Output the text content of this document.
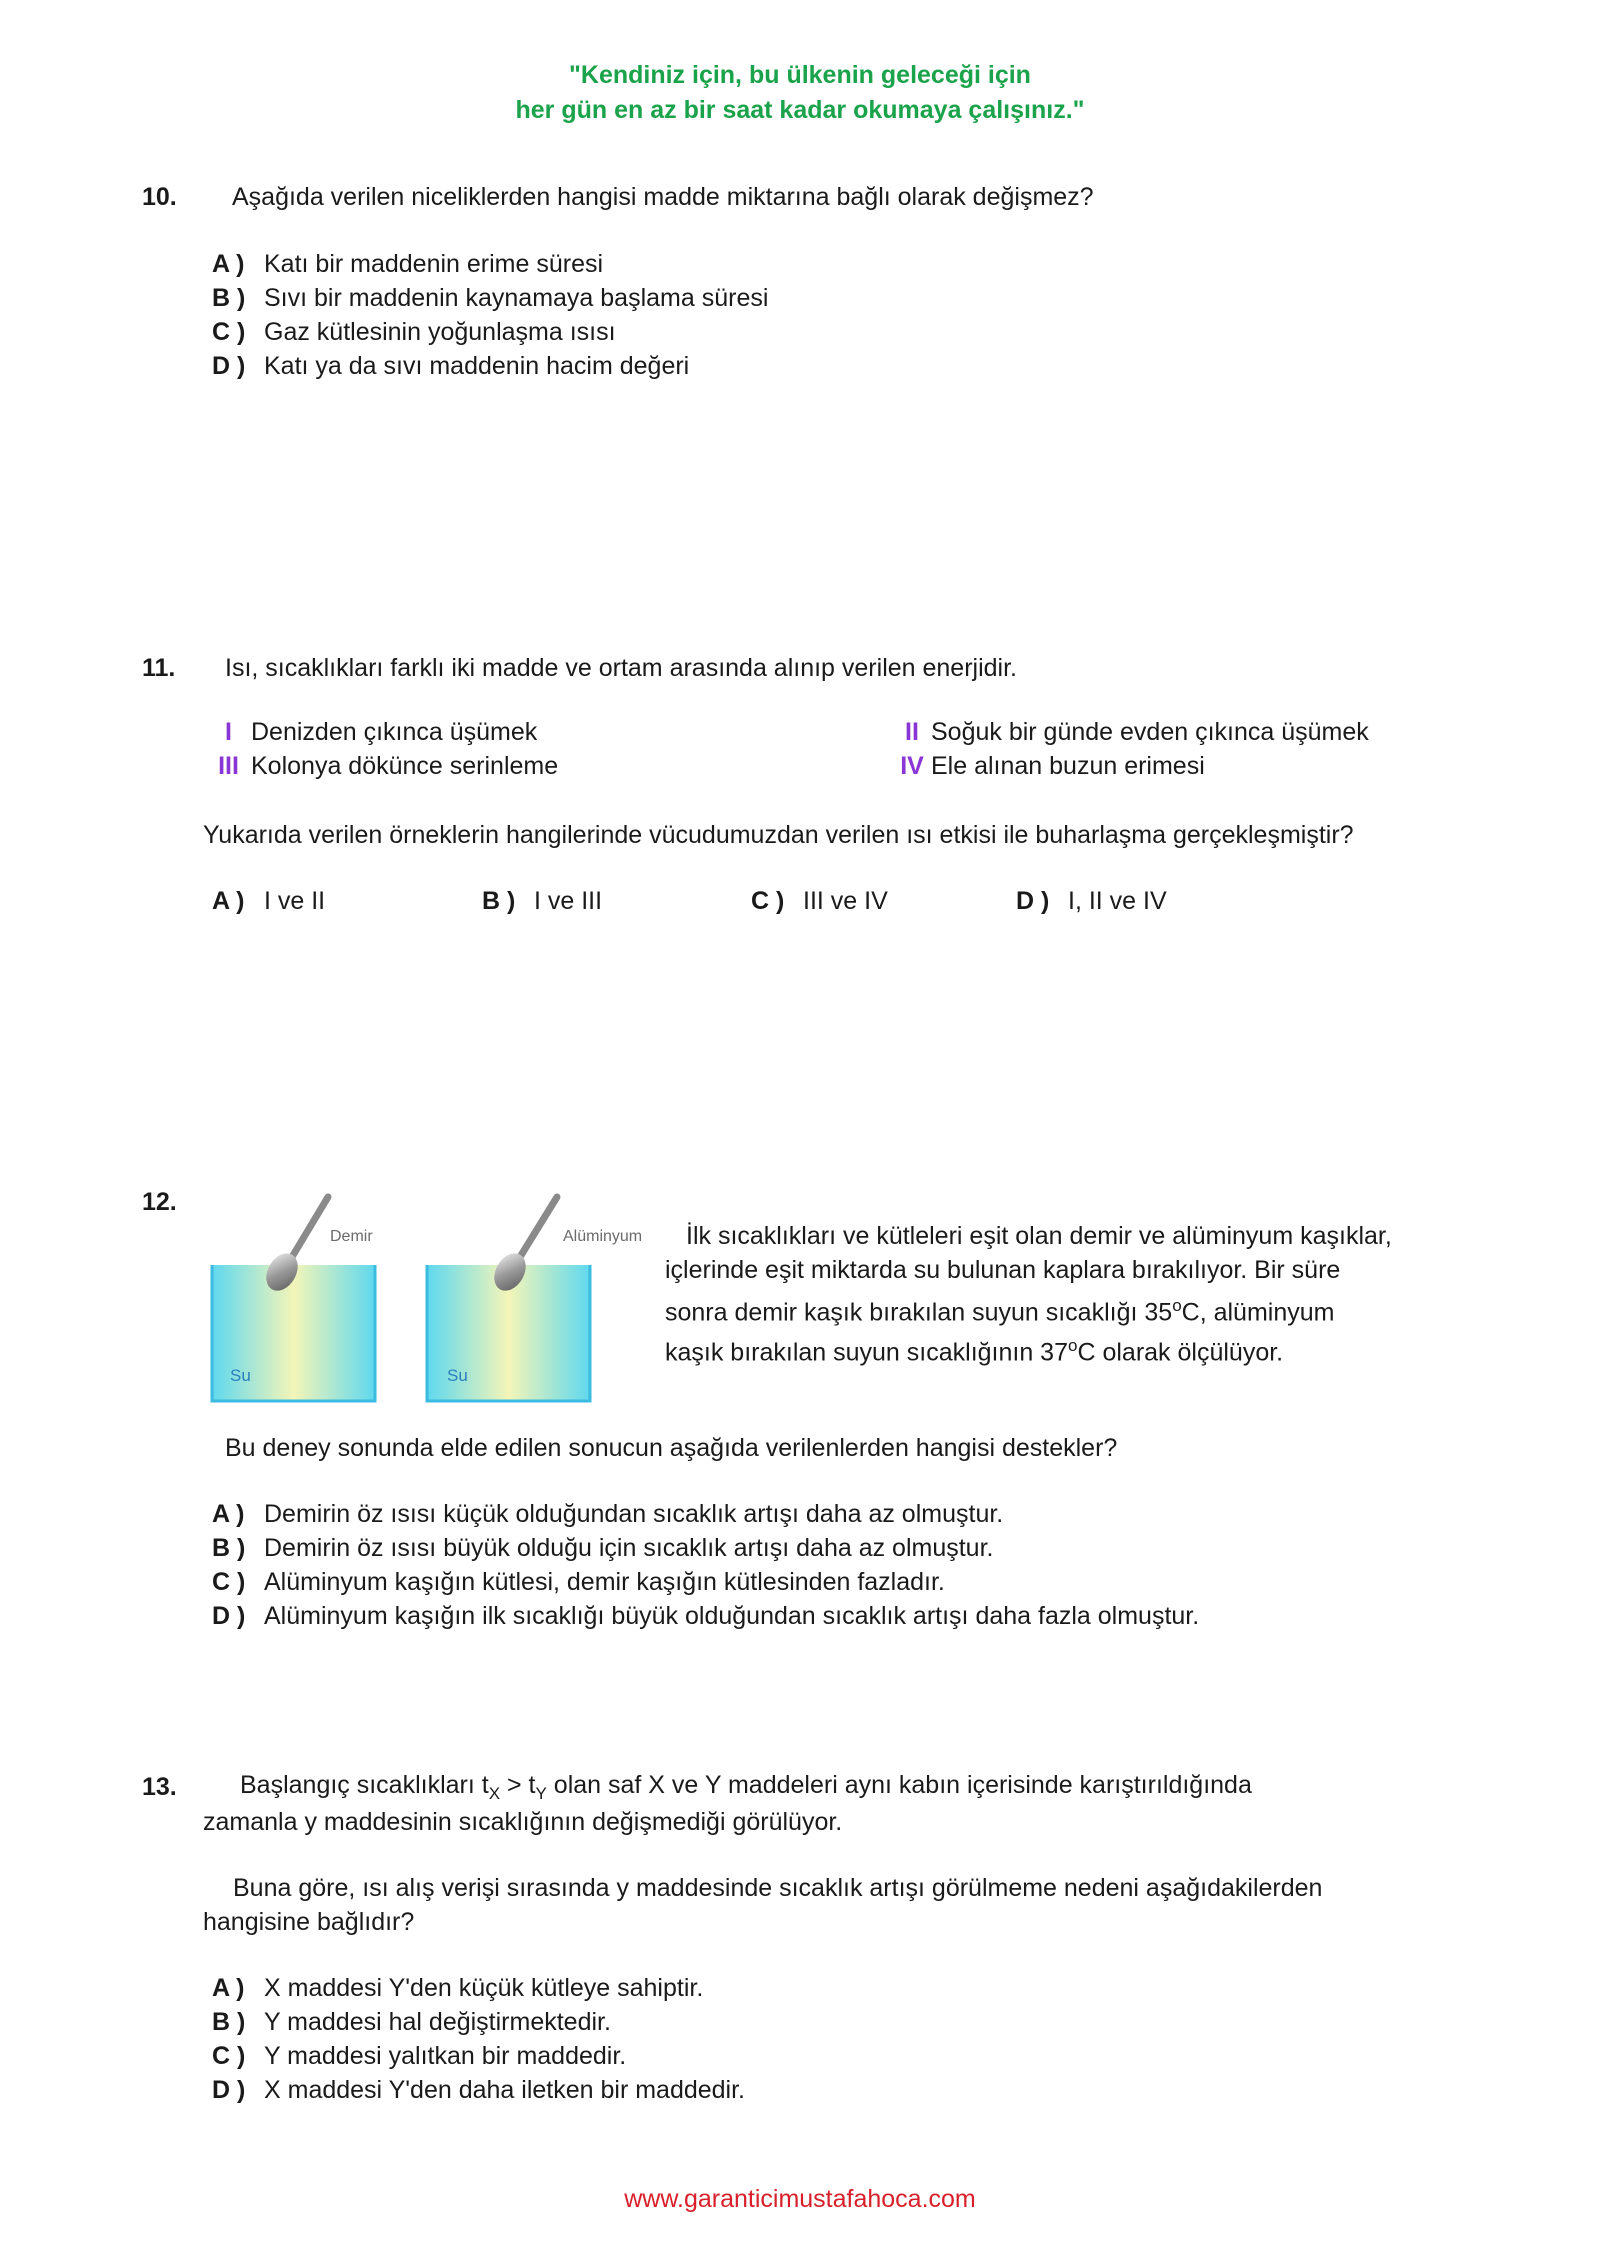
"Kendiniz için, bu ülkenin geleceği için
her gün en az bir saat kadar okumaya çalışınız."
10. Aşağıda verilen niceliklerden hangisi madde miktarına bağlı olarak değişmez?
A ) Katı bir maddenin erime süresi
B ) Sıvı bir maddenin kaynamaya başlama süresi
C ) Gaz kütlesinin yoğunlaşma ısısı
D ) Katı ya da sıvı maddenin hacim değeri
11. Isı, sıcaklıkları farklı iki madde ve ortam arasında alınıp verilen enerjidir.
I Denizden çıkınca üşümek	II Soğuk bir günde evden çıkınca üşümek
III Kolonya dökünce serinleme	IV Ele alınan buzun erimesi
Yukarıda verilen örneklerin hangilerinde vücudumuzdan verilen ısı etkisi ile buharlaşma gerçekleşmiştir?
A ) I ve II	B ) I ve III	C ) III ve IV	D ) I, II ve IV
12.
Demir
Su
Alüminyum
Su
İlk sıcaklıkları ve kütleleri eşit olan demir ve alüminyum kaşıklar,
içlerinde eşit miktarda su bulunan kaplara bırakılıyor. Bir süre
sonra demir kaşık bırakılan suyun sıcaklığı 35$^o$C, alüminyum
kaşık bırakılan suyun sıcaklığının 37$^o$C olarak ölçülüyor.
Bu deney sonunda elde edilen sonucun aşağıda verilenlerden hangisi destekler?
A ) Demirin öz ısısı küçük olduğundan sıcaklık artışı daha az olmuştur.
B ) Demirin öz ısısı büyük olduğu için sıcaklık artışı daha az olmuştur.
C ) Alüminyum kaşığın kütlesi, demir kaşığın kütlesinden fazladır.
D ) Alüminyum kaşığın ilk sıcaklığı büyük olduğundan sıcaklık artışı daha fazla olmuştur.
13.	Başlangıç sıcaklıkları $t_X > t_Y$ olan saf X ve Y maddeleri aynı kabın içerisinde karıştırıldığında
zamanla y maddesinin sıcaklığının değişmediği görülüyor.
Buna göre, ısı alış verişi sırasında y maddesinde sıcaklık artışı görülmeme nedeni aşağıdakilerden
hangisine bağlıdır?
A ) X maddesi Y'den küçük kütleye sahiptir.
B ) Y maddesi hal değiştirmektedir.
C ) Y maddesi yalıtkan bir maddedir.
D ) X maddesi Y'den daha iletken bir maddedir.
www.garanticimustafahoca.com
